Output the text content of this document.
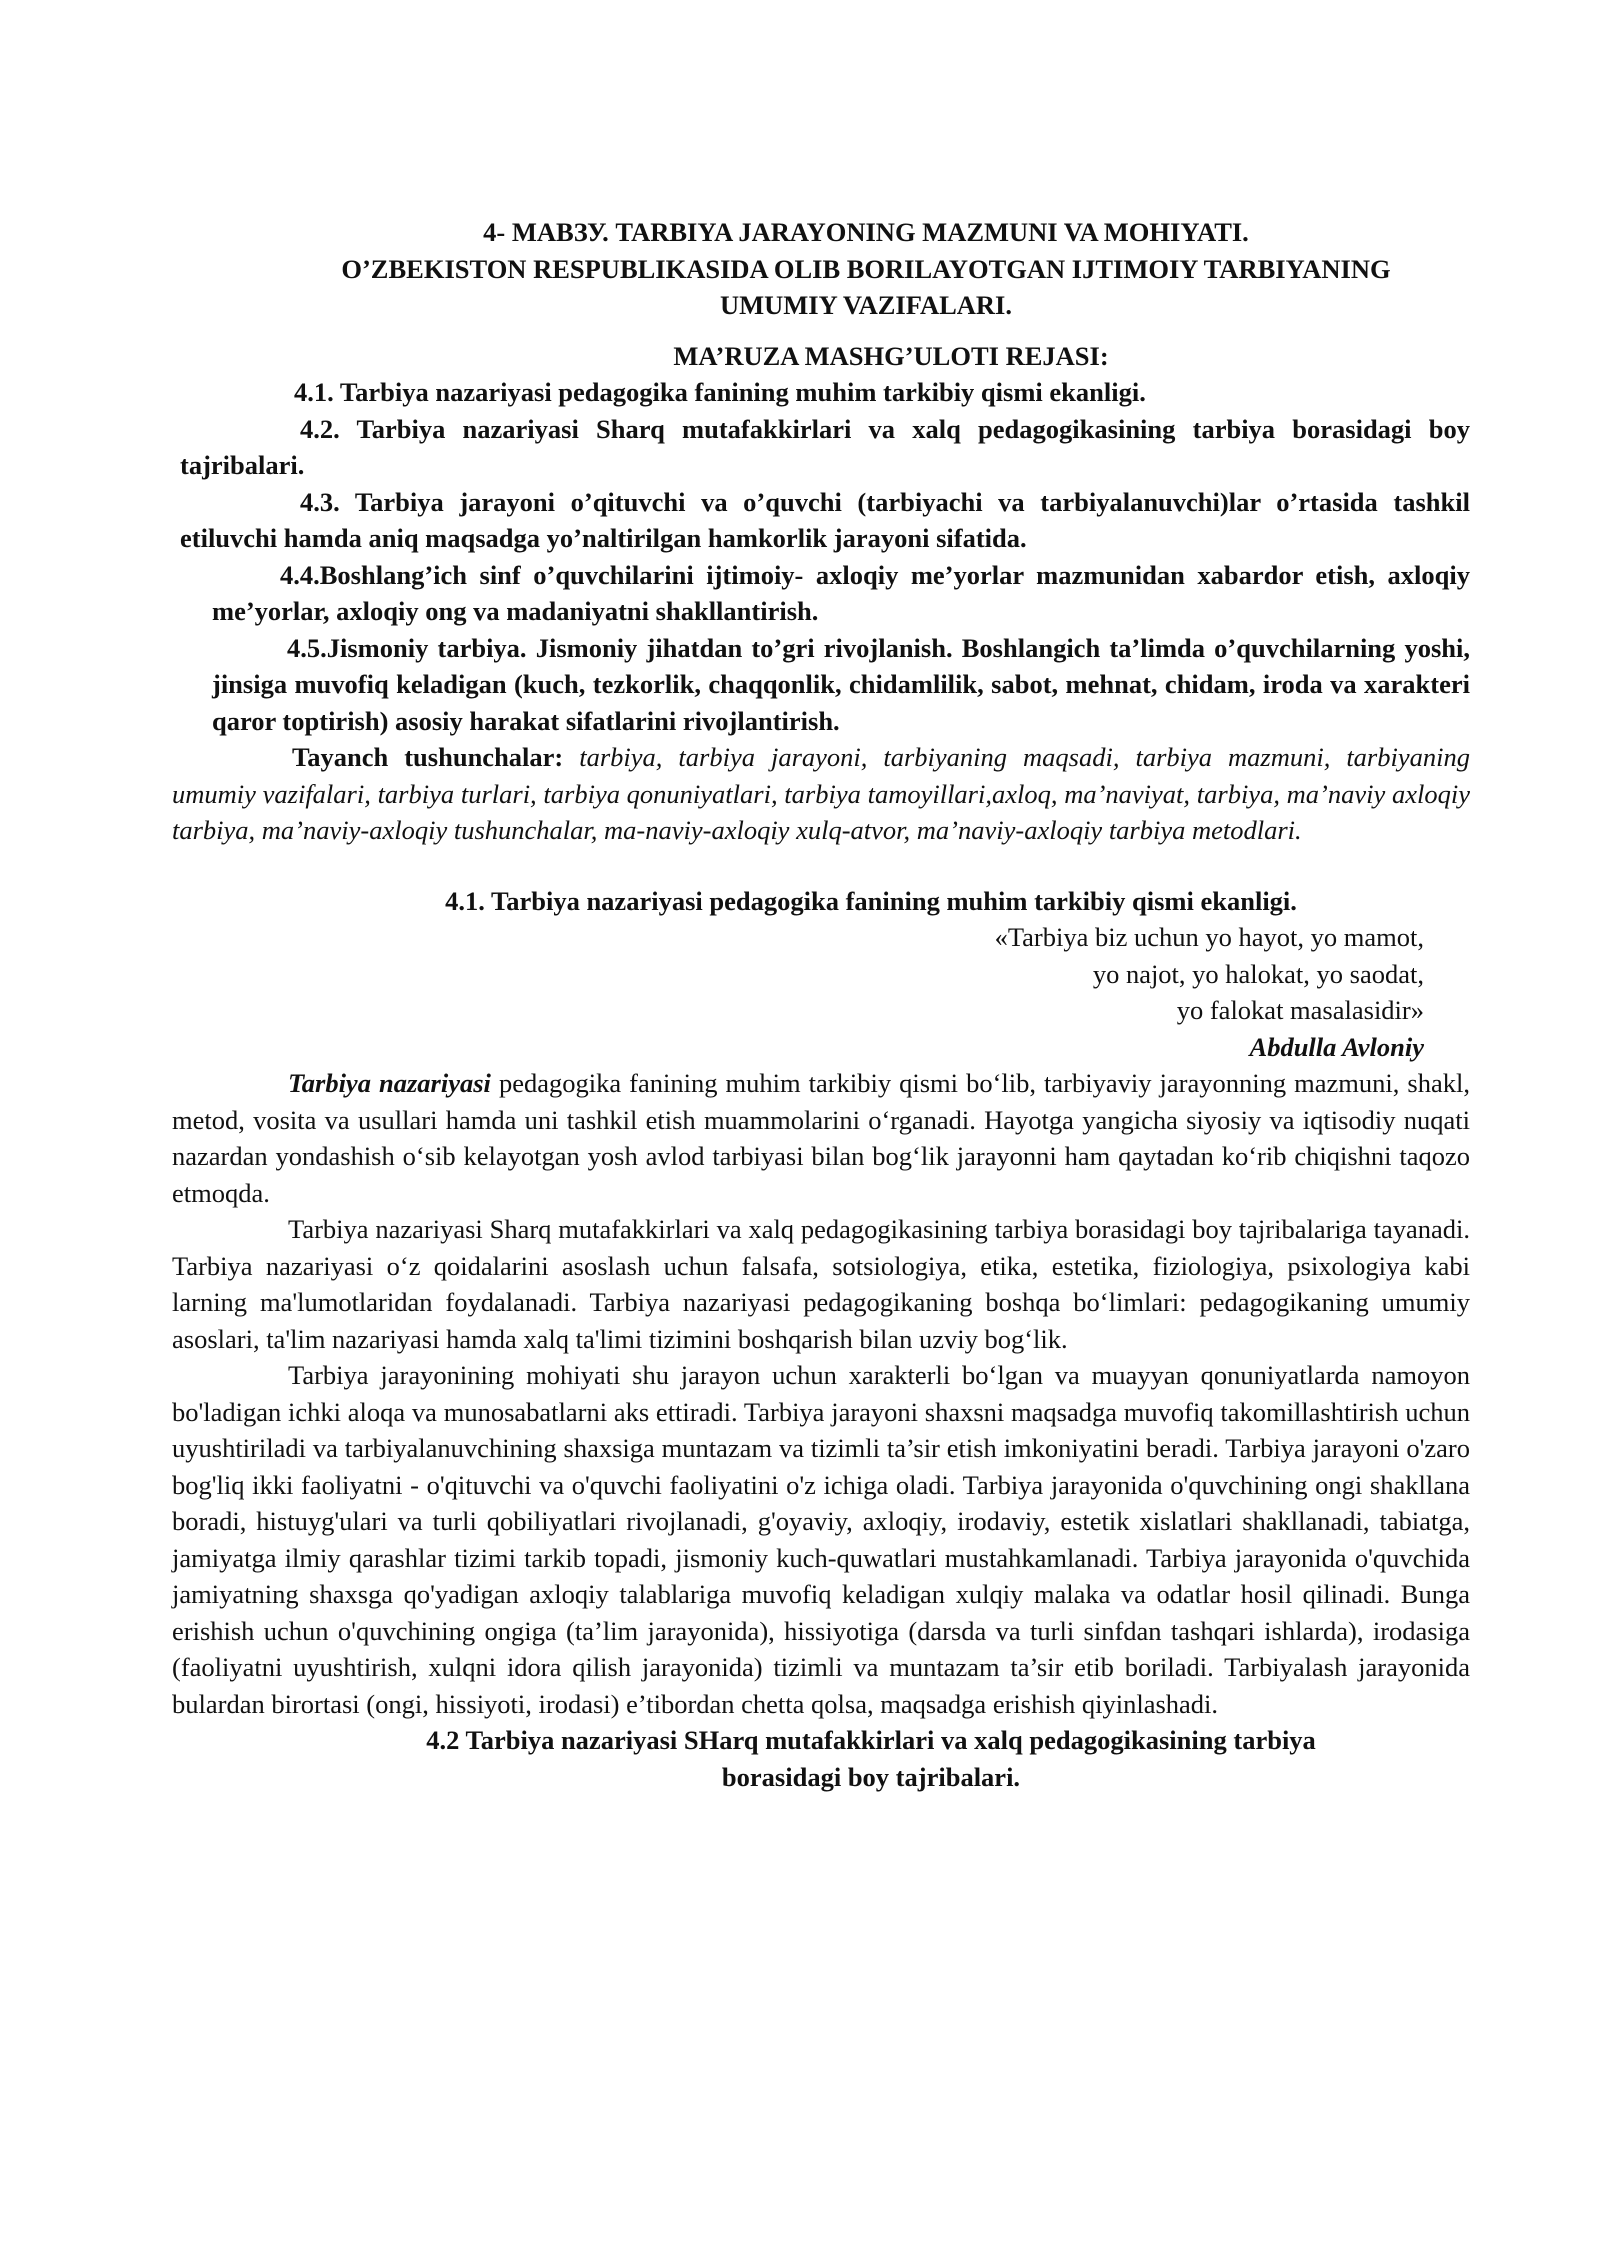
4- МАВЗУ. TARBIYA JARAYONING MAZMUNI VA MOHIYATI.
O’ZBEKISTON RESPUBLIKASIDA OLIB BORILAYOTGAN IJTIMOIY TARBIYANING
UMUMIY VAZIFALARI.
MA’RUZA MASHG’ULOTI REJASI:
4.1. Tarbiya nazariyasi pedagogika fanining muhim tarkibiy qismi ekanligi.
4.2. Tarbiya nazariyasi Sharq mutafakkirlari va xalq pedagogikasining tarbiya borasidagi boy tajribalari.
4.3. Tarbiya jarayoni o’qituvchi va o’quvchi (tarbiyachi va tarbiyalanuvchi)lar o’rtasida tashkil etiluvchi hamda aniq maqsadga yo’naltirilgan hamkorlik jarayoni sifatida.
4.4.Boshlang’ich sinf o’quvchilarini ijtimoiy- axloqiy me’yorlar mazmunidan xabardor etish, axloqiy me’yorlar, axloqiy ong va madaniyatni shakllantirish.
4.5.Jismoniy tarbiya. Jismoniy jihatdan to’gri rivojlanish. Boshlangich ta’limda o’quvchilarning yoshi, jinsiga muvofiq keladigan (kuch, tezkorlik, chaqqonlik, chidamlilik, sabot, mehnat, chidam, iroda va xarakteri qaror toptirish) asosiy harakat sifatlarini rivojlantirish.
Tayanch tushunchalar: tarbiya, tarbiya jarayoni, tarbiyaning maqsadi, tarbiya mazmuni, tarbiyaning umumiy vazifalari, tarbiya turlari, tarbiya qonuniyatlari, tarbiya tamoyillari,axloq, ma’naviyat, tarbiya, ma’naviy axloqiy tarbiya, ma’naviy-axloqiy tushunchalar, ma-naviy-axloqiy xulq-atvor, ma’naviy-axloqiy tarbiya metodlari.
4.1. Tarbiya nazariyasi pedagogika fanining muhim tarkibiy qismi ekanligi.
«Tarbiya biz uchun yo hayot, yo mamot,
yo najot, yo halokat, yo saodat,
yo falokat masalasidir»
Abdulla Avloniy
Tarbiya nazariyasi pedagogika fanining muhim tarkibiy qismi bo‘lib, tarbiyaviy jarayonning mazmuni, shakl, metod, vosita va usullari hamda uni tashkil etish muammolarini o‘rganadi. Hayotga yangicha siyosiy va iqtisodiy nuqati nazardan yondashish o‘sib kelayotgan yosh avlod tarbiyasi bilan bog‘lik jarayonni ham qaytadan ko‘rib chiqishni taqozo etmoqda.
Tarbiya nazariyasi Sharq mutafakkirlari va xalq pedagogikasining tarbiya borasidagi boy tajribalariga tayanadi. Tarbiya nazariyasi o‘z qoidalarini asoslash uchun falsafa, sotsiologiya, etika, estetika, fiziologiya, psixologiya kabi larning ma'lumotlaridan foydalanadi. Tarbiya nazariyasi pedagogikaning boshqa bo‘limlari: pedagogikaning umumiy asoslari, ta'lim nazariyasi hamda xalq ta'limi tizimini boshqarish bilan uzviy bog‘lik.
Tarbiya jarayonining mohiyati shu jarayon uchun xarakterli bo‘lgan va muayyan qonuniyatlarda namoyon bo'ladigan ichki aloqa va munosabatlarni aks ettiradi. Tarbiya jarayoni shaxsni maqsadga muvofiq takomillashtirish uchun uyushtiriladi va tarbiyalanuvchining shaxsiga muntazam va tizimli ta’sir etish imkoniyatini beradi. Tarbiya jarayoni o'zaro bog'liq ikki faoliyatni - o'qituvchi va o'quvchi faoliyatini o'z ichiga oladi. Tarbiya jarayonida o'quvchining ongi shakllana boradi, histuyg'ulari va turli qobiliyatlari rivojlanadi, g'oyaviy, axloqiy, irodaviy, estetik xislatlari shakllanadi, tabiatga, jamiyatga ilmiy qarashlar tizimi tarkib topadi, jismoniy kuch-quwatlari mustahkamlanadi. Tarbiya jarayonida o'quvchida jamiyatning shaxsga qo'yadigan axloqiy talablariga muvofiq keladigan xulqiy malaka va odatlar hosil qilinadi. Bunga erishish uchun o'quvchining ongiga (ta’lim jarayonida), hissiyotiga (darsda va turli sinfdan tashqari ishlarda), irodasiga (faoliyatni uyushtirish, xulqni idora qilish jarayonida) tizimli va muntazam ta’sir etib boriladi. Tarbiyalash jarayonida bulardan birortasi (ongi, hissiyoti, irodasi) e’tibordan chetta qolsa, maqsadga erishish qiyinlashadi.
4.2 Tarbiya nazariyasi SHarq mutafakkirlari va xalq pedagogikasining tarbiya
borasidagi boy tajribalari.
